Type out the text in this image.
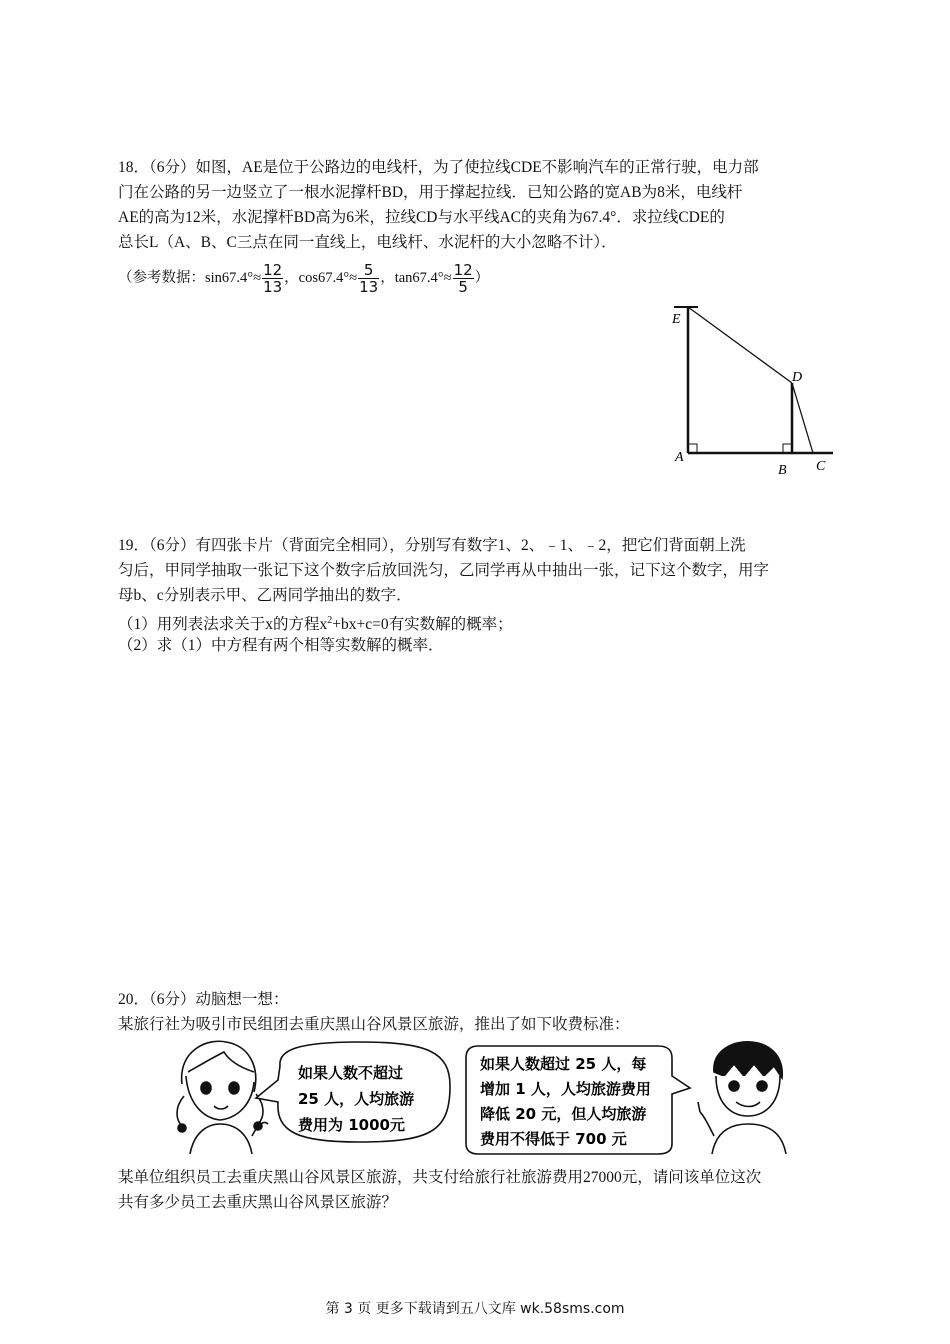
18．（6分）如图，AE是位于公路边的电线杆，为了使拉线CDE不影响汽车的正常行驶，电力部
门在公路的另一边竖立了一根水泥撑杆BD，用于撑起拉线．已知公路的宽AB为8米，电线杆
AE的高为12米，水泥撑杆BD高为6米，拉线CD与水平线AC的夹角为67.4°．求拉线CDE的
总长L（A、B、C三点在同一直线上，电线杆、水泥杆的大小忽略不计）．
（参考数据：$\sin 67.4^\circ\approx \frac{12}{13}$ ，$\cos 67.4^\circ\approx \frac{5}{13}$ ，$\tan 67.4^\circ\approx \frac{12}{5}$ ）
E
D
A
B C
19．（6分）有四张卡片（背面完全相同），分别写有数字1、2、﹣1、﹣2，把它们背面朝上洗
匀后，甲同学抽取一张记下这个数字后放回洗匀，乙同学再从中抽出一张，记下这个数字，用字
母b、c分别表示甲、乙两同学抽出的数字．
（1）用列表法求关于x的方程$x^2+bx+c=0$有实数解的概率；
（2）求（1）中方程有两个相等实数解的概率．
20．（6分）动脑想一想：
某旅行社为吸引市民组团去重庆黑山谷风景区旅游，推出了如下收费标准：
如果人数不超过
25 人，人均旅游
费用为 1000元
如果人数超过 25 人，每
增加 1 人，人均旅游费用
降低 20 元，但人均旅游
费用不得低于 700 元
某单位组织员工去重庆黑山谷风景区旅游，共支付给旅行社旅游费用27000元，请问该单位这次
共有多少员工去重庆黑山谷风景区旅游？
第 3 页 更多下载请到五八文库 wk.58sms.com
